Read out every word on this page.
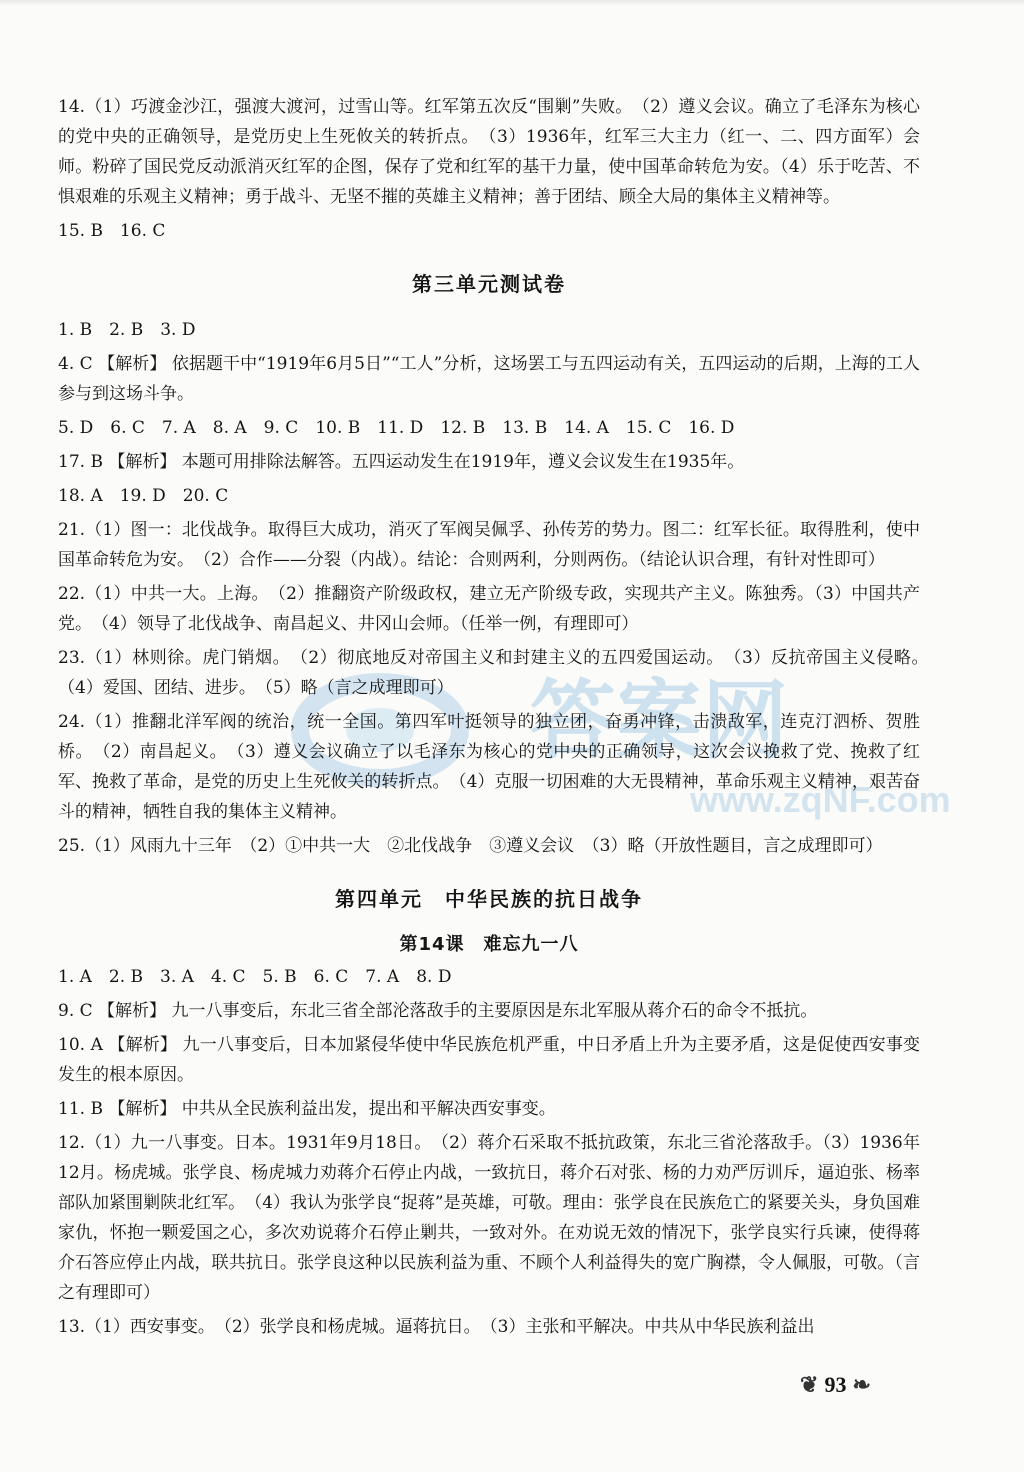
答案网
www.zqNF.com

14.（1）巧渡金沙江，强渡大渡河，过雪山等。红军第五次反“围剿”失败。　（2）遵义会议。确立了毛泽东为核心的党中央的正确领导，是党历史上生死攸关的转折点。　（3）1936年，红军三大主力（红一、二、四方面军）会师。粉碎了国民党反动派消灭红军的企图，保存了党和红军的基干力量，使中国革命转危为安。（4）乐于吃苦、不惧艰难的乐观主义精神；勇于战斗、无坚不摧的英雄主义精神；善于团结、顾全大局的集体主义精神等。

15. B　16. C

第三单元测试卷

1. B　2. B　3. D

4. C 【解析】 依据题干中“1919年6月5日”“工人”分析，这场罢工与五四运动有关，五四运动的后期，上海的工人参与到这场斗争。

5. D　6. C　7. A　8. A　9. C　10. B　11. D　12. B　13. B　14. A　15. C　16. D

17. B 【解析】 本题可用排除法解答。五四运动发生在1919年，遵义会议发生在1935年。

18. A　19. D　20. C

21.（1）图一：北伐战争。取得巨大成功，消灭了军阀吴佩孚、孙传芳的势力。图二：红军长征。取得胜利，使中国革命转危为安。　（2）合作——分裂（内战）。结论：合则两利，分则两伤。（结论认识合理，有针对性即可）

22.（1）中共一大。上海。　（2）推翻资产阶级政权，建立无产阶级专政，实现共产主义。陈独秀。（3）中国共产党。　（4）领导了北伐战争、南昌起义、井冈山会师。（任举一例，有理即可）

23.（1）林则徐。虎门销烟。　（2）彻底地反对帝国主义和封建主义的五四爱国运动。　（3）反抗帝国主义侵略。　（4）爱国、团结、进步。　（5）略（言之成理即可）

24.（1）推翻北洋军阀的统治，统一全国。第四军叶挺领导的独立团，奋勇冲锋，击溃敌军，连克汀泗桥、贺胜桥。　（2）南昌起义。　（3）遵义会议确立了以毛泽东为核心的党中央的正确领导，这次会议挽救了党、挽救了红军、挽救了革命，是党的历史上生死攸关的转折点。　（4）克服一切困难的大无畏精神，革命乐观主义精神，艰苦奋斗的精神，牺牲自我的集体主义精神。

25.（1）风雨九十三年　（2）①中共一大　②北伐战争　③遵义会议　（3）略（开放性题目，言之成理即可）

第四单元　中华民族的抗日战争
第14课　难忘九一八

1. A　2. B　3. A　4. C　5. B　6. C　7. A　8. D

9. C 【解析】 九一八事变后，东北三省全部沦落敌手的主要原因是东北军服从蒋介石的命令不抵抗。

10. A 【解析】 九一八事变后，日本加紧侵华使中华民族危机严重，中日矛盾上升为主要矛盾，这是促使西安事变发生的根本原因。

11. B 【解析】 中共从全民族利益出发，提出和平解决西安事变。

12.（1）九一八事变。日本。1931年9月18日。　（2）蒋介石采取不抵抗政策，东北三省沦落敌手。（3）1936年12月。杨虎城。张学良、杨虎城力劝蒋介石停止内战，一致抗日，蒋介石对张、杨的力劝严厉训斥，逼迫张、杨率部队加紧围剿陕北红军。　（4）我认为张学良“捉蒋”是英雄，可敬。理由：张学良在民族危亡的紧要关头，身负国难家仇，怀抱一颗爱国之心，多次劝说蒋介石停止剿共，一致对外。在劝说无效的情况下，张学良实行兵谏，使得蒋介石答应停止内战，联共抗日。张学良这种以民族利益为重、不顾个人利益得失的宽广胸襟，令人佩服，可敬。（言之有理即可）

13.（1）西安事变。　（2）张学良和杨虎城。逼蒋抗日。　（3）主张和平解决。中共从中华民族利益出

❦ 93 ❧
